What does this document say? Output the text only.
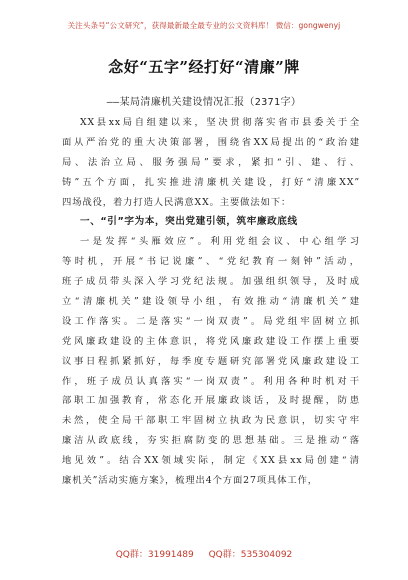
关注头条号“公文研究”，获得最新最全最专业的公文资料库！ 微信：gongwenyj
念好“五字”经打好“清廉”牌
——某局清廉机关建设情况汇报（2371字）
XX县xx局自组建以来，坚决贯彻落实省市县委关于全
面从严治党的重大决策部署，围绕省XX局提出的“政治建
局、法治立局、服务强局”要求，紧扣“引、建、行、
铸”五个方面，扎实推进清廉机关建设，打好“清廉XX”
四场战役，着力打造人民满意XX。主要做法如下：
一、“引”字为本，突出党建引领，筑牢廉政底线
一是发挥“头雁效应”。利用党组会议、中心组学习
等时机，开展“书记说廉”、“党纪教育一刻钟”活动，
班子成员带头深入学习党纪法规。加强组织领导，及时成
立“清廉机关”建设领导小组，有效推动“清廉机关”建
设工作落实。二是落实“一岗双责”。局党组牢固树立抓
党风廉政建设的主体意识，将党风廉政建设工作摆上重要
议事日程抓紧抓好，每季度专题研究部署党风廉政建设工
作，班子成员认真落实“一岗双责”。利用各种时机对干
部职工加强教育，常态化开展廉政谈话，及时提醒，防患
未然，使全局干部职工牢固树立执政为民意识，切实守牢
廉洁从政底线，夯实拒腐防变的思想基础。三是推动“落
地见效”。结合XX领域实际，制定《XX县xx局创建“清
廉机关”活动实施方案》，梳理出4个方面27项具体工作，
QQ群：31991489 QQ群：535304092
